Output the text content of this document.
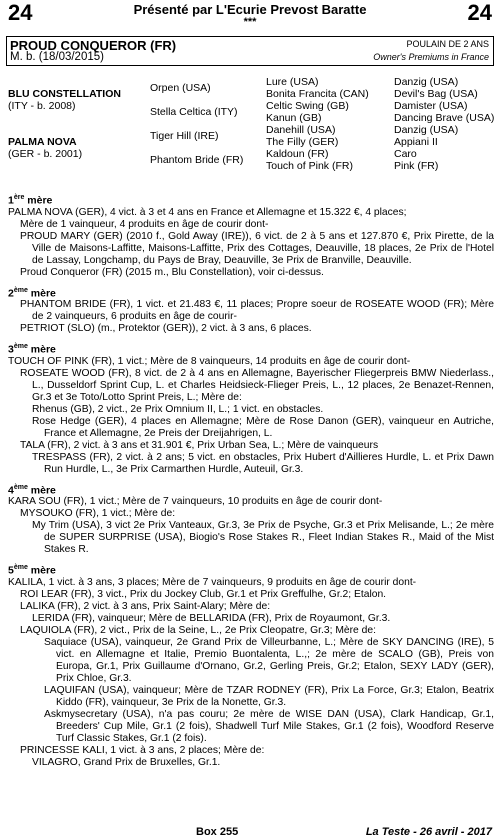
24	Présenté par L'Ecurie Prevost Baratte
***	24
PROUD CONQUEROR (FR)
M. b. (18/03/2015)
POULAIN DE 2 ANS
Owner's Premiums in France
BLU CONSTELLATION
(ITY - b. 2008)
PALMA NOVA
(GER - b. 2001)
Orpen (USA)
Stella Celtica (ITY)
Tiger Hill (IRE)
Phantom Bride (FR)
Lure (USA)
Bonita Francita (CAN)
Celtic Swing (GB)
Kanun (GB)
Danehill (USA)
The Filly (GER)
Kaldoun (FR)
Touch of Pink (FR)
Danzig (USA)
Devil's Bag (USA)
Damister (USA)
Dancing Brave (USA)
Danzig (USA)
Appiani II
Caro
Pink (FR)
1ère mère

PALMA NOVA (GER), 4 vict. à 3 et 4 ans en France et Allemagne et 15.322 €, 4 places;

Mère de 1 vainqueur, 4 produits en âge de courir dont-

PROUD MARY (GER) (2010 f., Gold Away (IRE)), 6 vict. de 2 à 5 ans et 127.870 €, Prix Pirette, de la Ville de Maisons-Laffitte, Maisons-Laffitte, Prix des Cottages, Deauville, 18 places, 2e Prix de l'Hotel de Lassay, Longchamp, du Pays de Bray, Deauville, 3e Prix de Branville, Deauville.

Proud Conqueror (FR) (2015 m., Blu Constellation), voir ci-dessus.

2ème mère

PHANTOM BRIDE (FR), 1 vict. et 21.483 €, 11 places; Propre soeur de ROSEATE WOOD (FR); Mère de 2 vainqueurs, 6 produits en âge de courir-

PETRIOT (SLO) (m., Protektor (GER)), 2 vict. à 3 ans, 6 places.

3ème mère

TOUCH OF PINK (FR), 1 vict.; Mère de 8 vainqueurs, 14 produits en âge de courir dont-

ROSEATE WOOD (FR), 8 vict. de 2 à 4 ans en Allemagne, Bayerischer Fliegerpreis BMW Niederlass., L., Dusseldorf Sprint Cup, L. et Charles Heidsieck-Flieger Preis, L., 12 places, 2e Benazet-Rennen, Gr.3 et 3e Toto/Lotto Sprint Preis, L.; Mère de:

Rhenus (GB), 2 vict., 2e Prix Omnium II, L.; 1 vict. en obstacles.

Rose Hedge (GER), 4 places en Allemagne; Mère de Rose Danon (GER), vainqueur en Autriche, France et Allemagne, 2e Preis der Dreijahrigen, L.

TALA (FR), 2 vict. à 3 ans et 31.901 €, Prix Urban Sea, L.; Mère de vainqueurs

TRESPASS (FR), 2 vict. à 2 ans; 5 vict. en obstacles, Prix Hubert d'Aillieres Hurdle, L. et Prix Dawn Run Hurdle, L., 3e Prix Carmarthen Hurdle, Auteuil, Gr.3.

4ème mère

KARA SOU (FR), 1 vict.; Mère de 7 vainqueurs, 10 produits en âge de courir dont-

MYSOUKO (FR), 1 vict.; Mère de:

My Trim (USA), 3 vict 2e Prix Vanteaux, Gr.3, 3e Prix de Psyche, Gr.3 et Prix Melisande, L.; 2e mère de SUPER SURPRISE (USA), Biogio's Rose Stakes R., Fleet Indian Stakes R., Maid of the Mist Stakes R.

5ème mère

KALILA, 1 vict. à 3 ans, 3 places; Mère de 7 vainqueurs, 9 produits en âge de courir dont-

ROI LEAR (FR), 3 vict., Prix du Jockey Club, Gr.1 et Prix Greffulhe, Gr.2; Etalon.

LALIKA (FR), 2 vict. à 3 ans, Prix Saint-Alary; Mère de:

LERIDA (FR), vainqueur; Mère de BELLARIDA (FR), Prix de Royaumont, Gr.3.

LAQUIOLA (FR), 2 vict., Prix de la Seine, L., 2e Prix Cleopatre, Gr.3; Mère de:

Saquiace (USA), vainqueur, 2e Grand Prix de Villeurbanne, L.; Mère de SKY DANCING (IRE), 5 vict. en Allemagne et Italie, Premio Buontalenta, L.,; 2e mère de SCALO (GB), Preis von Europa, Gr.1, Prix Guillaume d'Ornano, Gr.2, Gerling Preis, Gr.2; Etalon, SEXY LADY (GER), Prix Chloe, Gr.3.

LAQUIFAN (USA), vainqueur; Mère de TZAR RODNEY (FR), Prix La Force, Gr.3; Etalon, Beatrix Kiddo (FR), vainqueur, 3e Prix de la Nonette, Gr.3.

Askmysecretary (USA), n'a pas couru; 2e mère de WISE DAN (USA), Clark Handicap, Gr.1, Breeders' Cup Mile, Gr.1 (2 fois), Shadwell Turf Mile Stakes, Gr.1 (2 fois), Woodford Reserve Turf Classic Stakes, Gr.1 (2 fois).

PRINCESSE KALI, 1 vict. à 3 ans, 2 places; Mère de:

VILAGRO, Grand Prix de Bruxelles, Gr.1.

Box 255	La Teste - 26 avril - 2017
